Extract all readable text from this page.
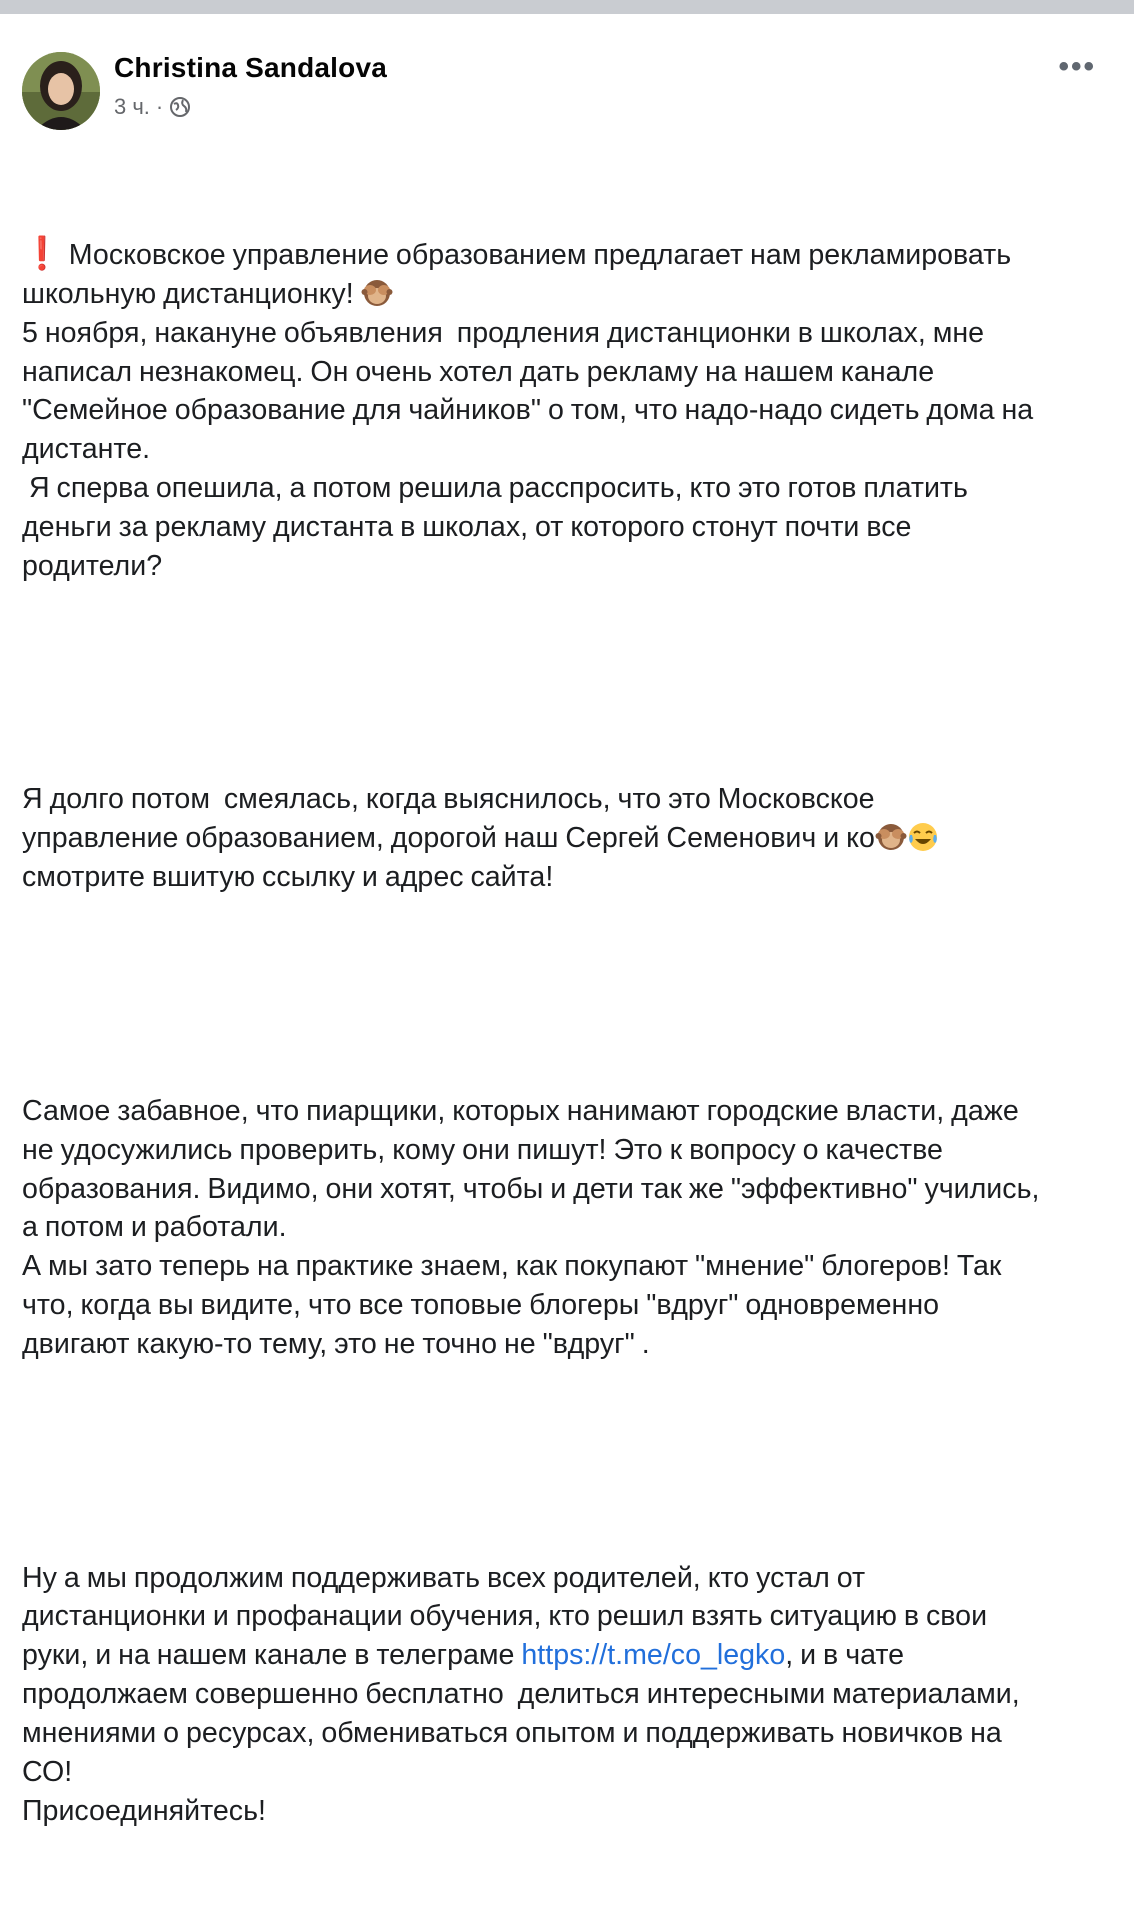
Christina Sandalova
3 ч. ·
•••

❗ Московское управление образованием предлагает нам рекламировать
школьную дистанционку!
5 ноября, накануне объявления  продления дистанционки в школах, мне
написал незнакомец. Он очень хотел дать рекламу на нашем канале
"Семейное образование для чайников" о том, что надо-надо сидеть дома на
дистанте.
Я сперва опешила, а потом решила расспросить, кто это готов платить
деньги за рекламу дистанта в школах, от которого стонут почти все
родители?

Я долго потом  смеялась, когда выяснилось, что это Московское
управление образованием, дорогой наш Сергей Семенович и ко
смотрите вшитую ссылку и адрес сайта!

Самое забавное, что пиарщики, которых нанимают городские власти, даже
не удосужились проверить, кому они пишут! Это к вопросу о качестве
образования. Видимо, они хотят, чтобы и дети так же "эффективно" учились,
а потом и работали.
А мы зато теперь на практике знаем, как покупают "мнение" блогеров! Так
что, когда вы видите, что все топовые блогеры "вдруг" одновременно
двигают какую-то тему, это не точно не "вдруг" .

Ну а мы продолжим поддерживать всех родителей, кто устал от
дистанционки и профанации обучения, кто решил взять ситуацию в свои
руки, и на нашем канале в телеграме https://t.me/co_legko, и в чате
продолжаем совершенно бесплатно  делиться интересными материалами,
мнениями о ресурсах, обмениваться опытом и поддерживать новичков на
СО!
Присоединяйтесь!
